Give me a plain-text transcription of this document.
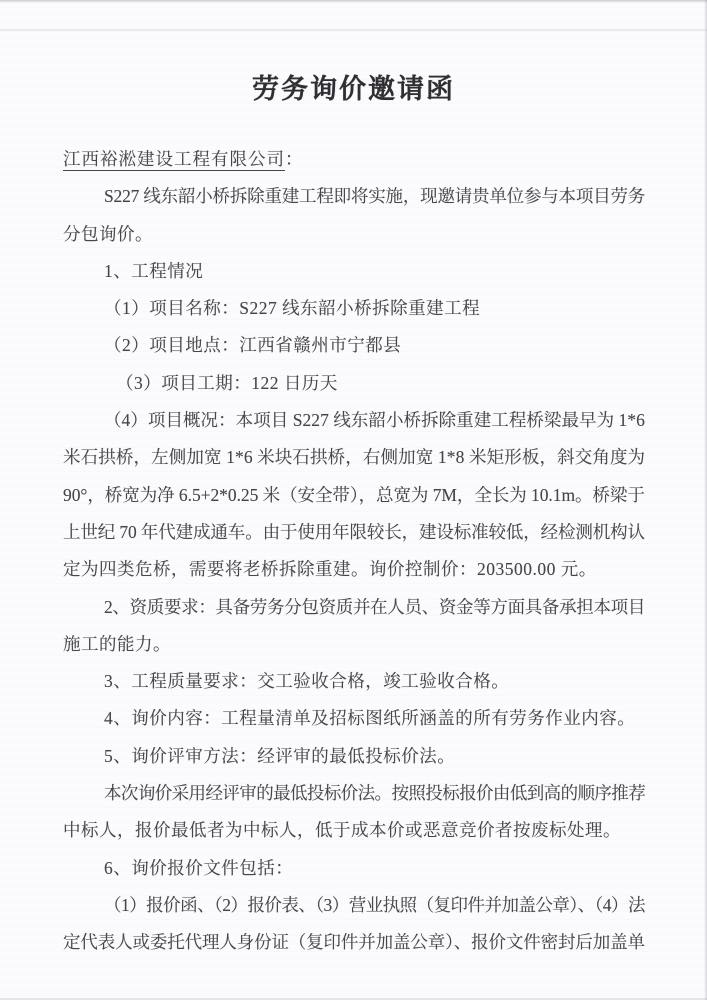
劳务询价邀请函
江西裕淞建设工程有限公司：
S227 线东韶小桥拆除重建工程即将实施，现邀请贵单位参与本项目劳务
分包询价。
1、工程情况
（1）项目名称：S227 线东韶小桥拆除重建工程
（2）项目地点：江西省赣州市宁都县
（3）项目工期：122 日历天
（4）项目概况：本项目 S227 线东韶小桥拆除重建工程桥梁最早为 1*6
米石拱桥，左侧加宽 1*6 米块石拱桥，右侧加宽 1*8 米矩形板，斜交角度为
90°，桥宽为净 6.5+2*0.25 米（安全带），总宽为 7M，全长为 10.1m。桥梁于
上世纪 70 年代建成通车。由于使用年限较长，建设标准较低，经检测机构认
定为四类危桥，需要将老桥拆除重建。询价控制价：203500.00 元。
2、资质要求：具备劳务分包资质并在人员、资金等方面具备承担本项目
施工的能力。
3、工程质量要求：交工验收合格，竣工验收合格。
4、询价内容：工程量清单及招标图纸所涵盖的所有劳务作业内容。
5、询价评审方法：经评审的最低投标价法。
本次询价采用经评审的最低投标价法。按照投标报价由低到高的顺序推荐
中标人，报价最低者为中标人，低于成本价或恶意竞价者按废标处理。
6、询价报价文件包括：
（1）报价函、（2）报价表、（3）营业执照（复印件并加盖公章）、（4）法
定代表人或委托代理人身份证（复印件并加盖公章）、报价文件密封后加盖单
